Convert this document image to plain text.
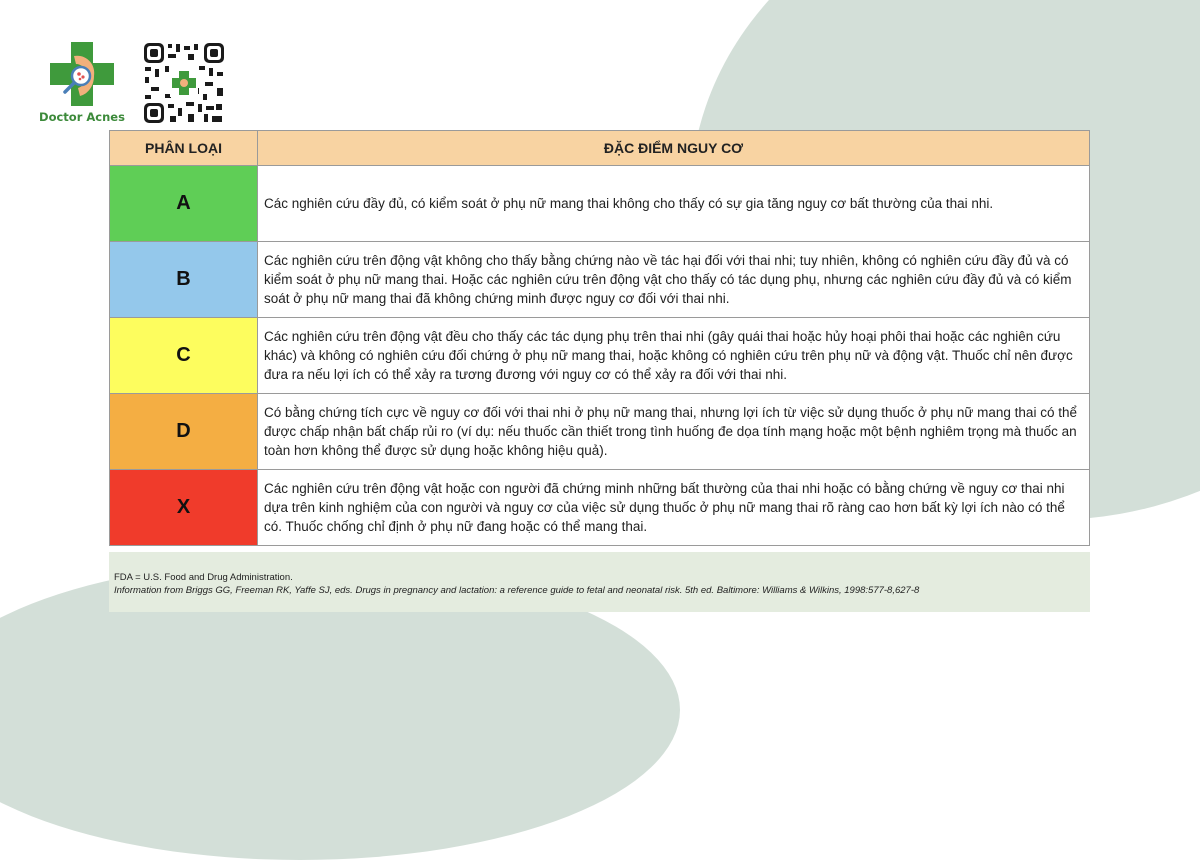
Doctor Acnes
PHÂN LOẠI	ĐẶC ĐIỂM NGUY CƠ
A	Các nghiên cứu đầy đủ, có kiểm soát ở phụ nữ mang thai không cho thấy có sự gia tăng nguy cơ bất thường của thai nhi.
B	Các nghiên cứu trên động vật không cho thấy bằng chứng nào về tác hại đối với thai nhi; tuy nhiên, không có nghiên cứu đầy đủ và có kiểm soát ở phụ nữ mang thai. Hoặc các nghiên cứu trên động vật cho thấy có tác dụng phụ, nhưng các nghiên cứu đầy đủ và có kiểm soát ở phụ nữ mang thai đã không chứng minh được nguy cơ đối với thai nhi.
C	Các nghiên cứu trên động vật đều cho thấy các tác dụng phụ trên thai nhi (gây quái thai hoặc hủy hoại phôi thai hoặc các nghiên cứu khác) và không có nghiên cứu đối chứng ở phụ nữ mang thai, hoặc không có nghiên cứu trên phụ nữ và động vật. Thuốc chỉ nên được đưa ra nếu lợi ích có thể xảy ra tương đương với nguy cơ có thể xảy ra đối với thai nhi.
D	Có bằng chứng tích cực về nguy cơ đối với thai nhi ở phụ nữ mang thai, nhưng lợi ích từ việc sử dụng thuốc ở phụ nữ mang thai có thể được chấp nhận bất chấp rủi ro (ví dụ: nếu thuốc cần thiết trong tình huống đe dọa tính mạng hoặc một bệnh nghiêm trọng mà thuốc an toàn hơn không thể được sử dụng hoặc không hiệu quả).
X	Các nghiên cứu trên động vật hoặc con người đã chứng minh những bất thường của thai nhi hoặc có bằng chứng về nguy cơ thai nhi dựa trên kinh nghiệm của con người và nguy cơ của việc sử dụng thuốc ở phụ nữ mang thai rõ ràng cao hơn bất kỳ lợi ích nào có thể có. Thuốc chống chỉ định ở phụ nữ đang hoặc có thể mang thai.
FDA = U.S. Food and Drug Administration.
Information from Briggs GG, Freeman RK, Yaffe SJ, eds. Drugs in pregnancy and lactation: a reference guide to fetal and neonatal risk. 5th ed. Baltimore: Williams & Wilkins, 1998:577-8,627-8
